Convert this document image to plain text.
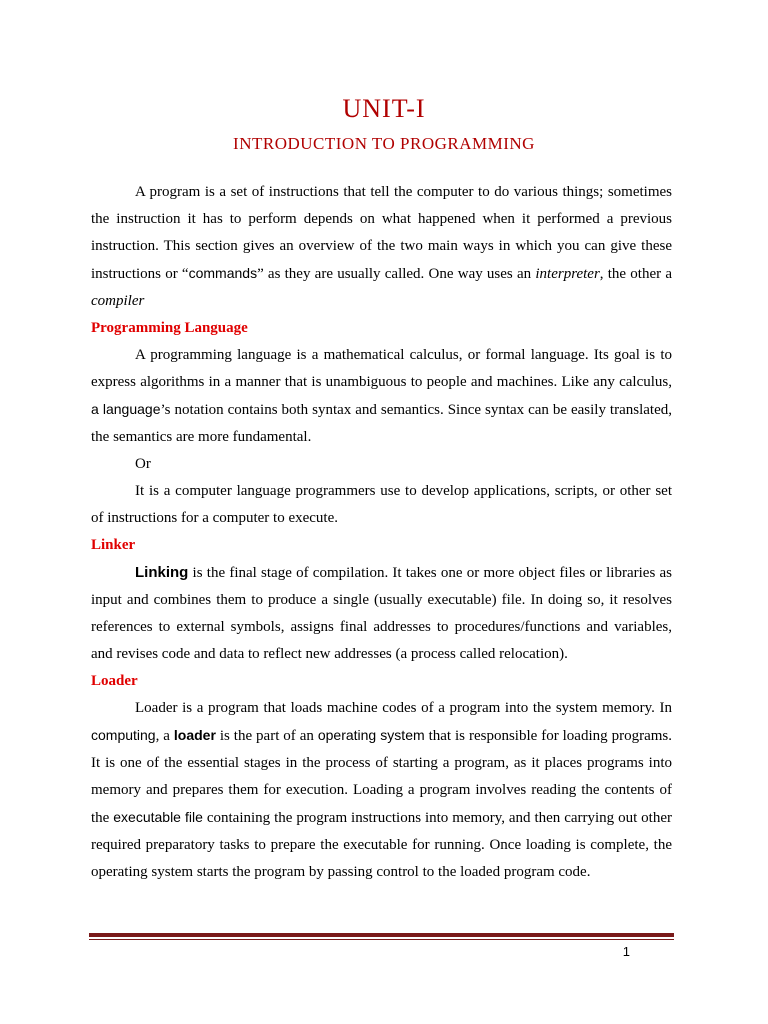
UNIT-I
INTRODUCTION TO PROGRAMMING

A program is a set of instructions that tell the computer to do various things; sometimes the instruction it has to perform depends on what happened when it performed a previous instruction. This section gives an overview of the two main ways in which you can give these instructions or “commands” as they are usually called. One way uses an interpreter, the other a compiler

Programming Language

A programming language is a mathematical calculus, or formal language. Its goal is to express algorithms in a manner that is unambiguous to people and machines. Like any calculus, a language’s notation contains both syntax and semantics. Since syntax can be easily translated, the semantics are more fundamental.

Or

It is a computer language programmers use to develop applications, scripts, or other set of instructions for a computer to execute.

Linker

Linking is the final stage of compilation. It takes one or more object files or libraries as input and combines them to produce a single (usually executable) file. In doing so, it resolves references to external symbols, assigns final addresses to procedures/functions and variables, and revises code and data to reflect new addresses (a process called relocation).

Loader

Loader is a program that loads machine codes of a program into the system memory. In computing, a loader is the part of an operating system that is responsible for loading programs. It is one of the essential stages in the process of starting a program, as it places programs into memory and prepares them for execution. Loading a program involves reading the contents of the executable file containing the program instructions into memory, and then carrying out other required preparatory tasks to prepare the executable for running. Once loading is complete, the operating system starts the program by passing control to the loaded program code.

1
